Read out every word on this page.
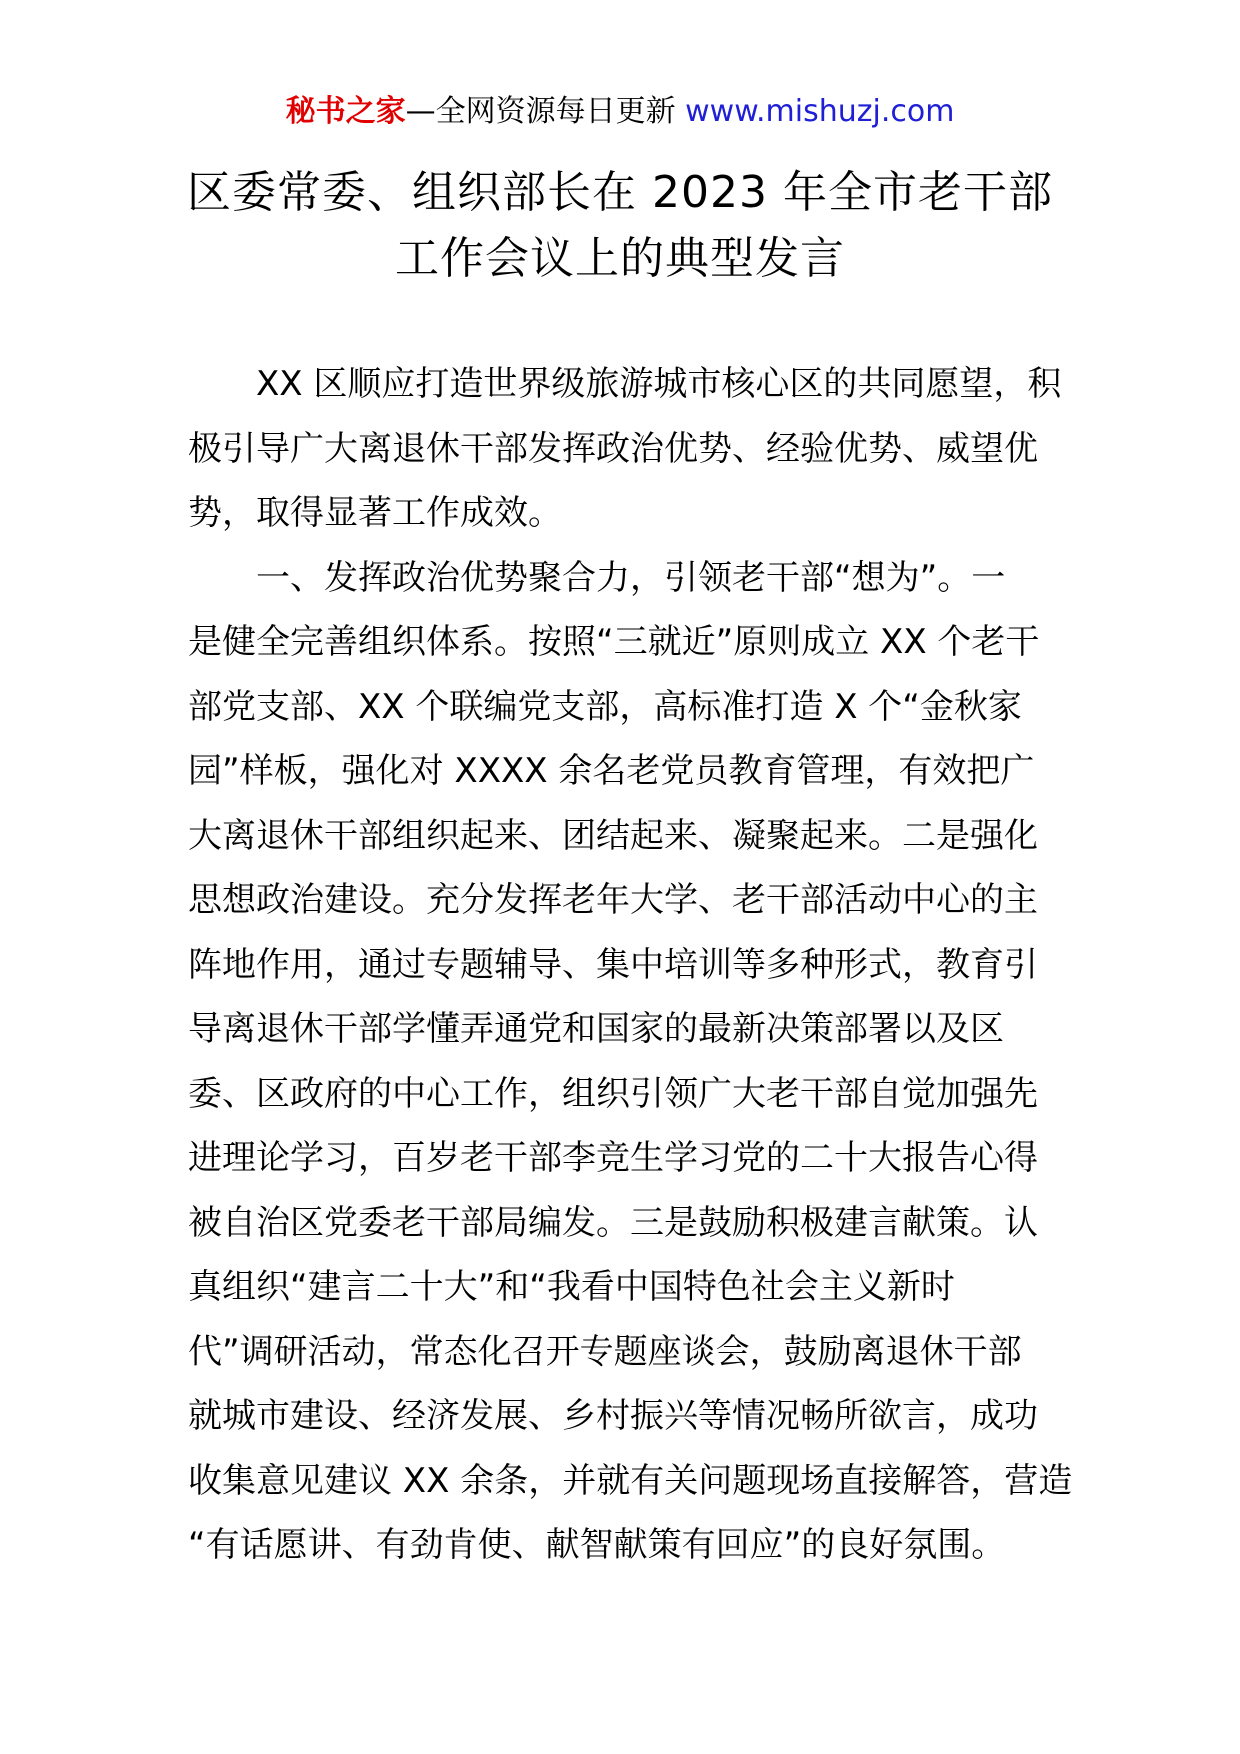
秘书之家—全网资源每日更新 www.mishuzj.com
区委常委、组织部长在 2023 年全市老干部
工作会议上的典型发言
XX 区顺应打造世界级旅游城市核心区的共同愿望，积
极引导广大离退休干部发挥政治优势、经验优势、威望优
势，取得显著工作成效。
一、发挥政治优势聚合力，引领老干部“想为”。一
是健全完善组织体系。按照“三就近”原则成立 XX 个老干
部党支部、XX 个联编党支部，高标准打造 X 个“金秋家
园”样板，强化对 XXXX 余名老党员教育管理，有效把广
大离退休干部组织起来、团结起来、凝聚起来。二是强化
思想政治建设。充分发挥老年大学、老干部活动中心的主
阵地作用，通过专题辅导、集中培训等多种形式，教育引
导离退休干部学懂弄通党和国家的最新决策部署以及区
委、区政府的中心工作，组织引领广大老干部自觉加强先
进理论学习，百岁老干部李竞生学习党的二十大报告心得
被自治区党委老干部局编发。三是鼓励积极建言献策。认
真组织“建言二十大”和“我看中国特色社会主义新时
代”调研活动，常态化召开专题座谈会，鼓励离退休干部
就城市建设、经济发展、乡村振兴等情况畅所欲言，成功
收集意见建议 XX 余条，并就有关问题现场直接解答，营造
“有话愿讲、有劲肯使、献智献策有回应”的良好氛围。
